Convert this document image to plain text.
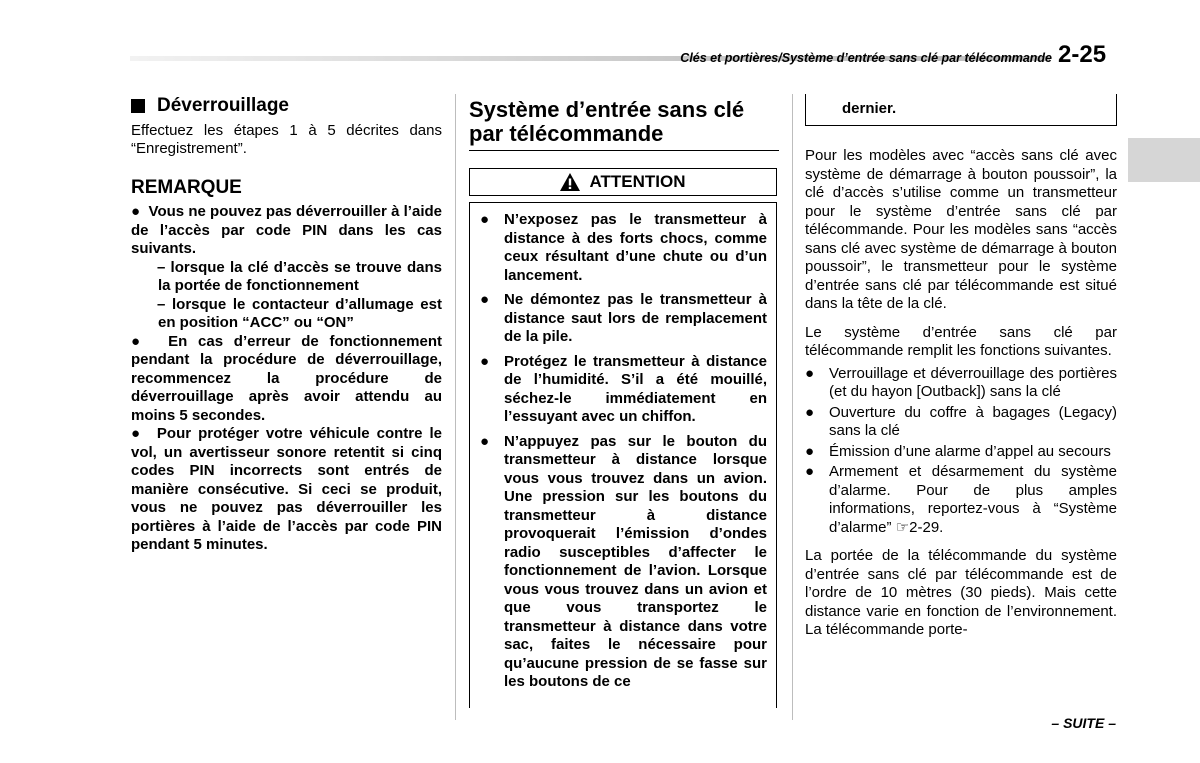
Clés et portières/Système d’entrée sans clé par télécommande 2-25
Déverrouillage

Effectuez les étapes 1 à 5 décrites dans “Enregistrement”.

REMARQUE
●  Vous ne pouvez pas déverrouiller à l’aide de l’accès par code PIN dans les cas suivants.
– lorsque la clé d’accès se trouve dans la portée de fonctionnement
– lorsque le contacteur d’allumage est en position “ACC” ou “ON”
●  En cas d’erreur de fonctionnement pendant la procédure de déverrouillage, recommencez la procédure de déverrouillage après avoir attendu au moins 5 secondes.
●  Pour protéger votre véhicule contre le vol, un avertisseur sonore retentit si cinq codes PIN incorrects sont entrés de manière consécutive. Si ceci se produit, vous ne pouvez pas déverrouiller les portières à l’aide de l’accès par code PIN pendant 5 minutes.

Système d’entrée sans clé par télécommande

ATTENTION
● N’exposez pas le transmetteur à distance à des forts chocs, comme ceux résultant d’une chute ou d’un lancement.
● Ne démontez pas le transmetteur à distance saut lors de remplacement de la pile.
● Protégez le transmetteur à distance de l’humidité. S’il a été mouillé, séchez-le immédiatement en l’essuyant avec un chiffon.
● N’appuyez pas sur le bouton du transmetteur à distance lorsque vous vous trouvez dans un avion. Une pression sur les boutons du transmetteur à distance provoquerait l’émission d’ondes radio susceptibles d’affecter le fonctionnement de l’avion. Lorsque vous vous trouvez dans un avion et que vous transportez le transmetteur à distance dans votre sac, faites le nécessaire pour qu’aucune pression de se fasse sur les boutons de ce
dernier.

Pour les modèles avec “accès sans clé avec système de démarrage à bouton poussoir”, la clé d’accès s’utilise comme un transmetteur pour le système d’entrée sans clé par télécommande. Pour les modèles sans “accès sans clé avec système de démarrage à bouton poussoir”, le transmetteur pour le système d’entrée sans clé par télécommande est situé dans la tête de la clé.

Le système d’entrée sans clé par télécommande remplit les fonctions suivantes.

● Verrouillage et déverrouillage des portières (et du hayon [Outback]) sans la clé
● Ouverture du coffre à bagages (Legacy) sans la clé
● Émission d’une alarme d’appel au secours
● Armement et désarmement du système d’alarme. Pour de plus amples informations, reportez-vous à “Système d’alarme” ☞2-29.

La portée de la télécommande du système d’entrée sans clé par télécommande est de l’ordre de 10 mètres (30 pieds). Mais cette distance varie en fonction de l’environnement. La télécommande porte-

– SUITE –
